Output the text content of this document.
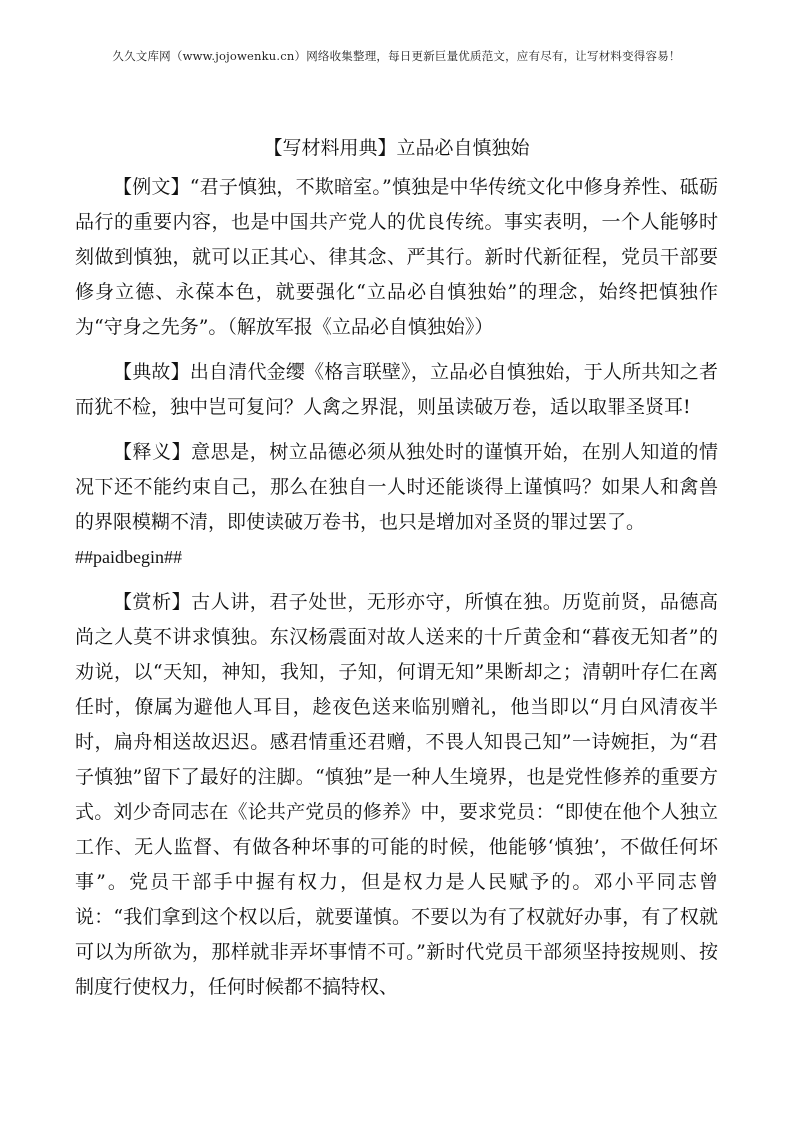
久久文库网（www.jojowenku.cn）网络收集整理，每日更新巨量优质范文，应有尽有，让写材料变得容易！
【写材料用典】立品必自慎独始

【例文】“君子慎独，不欺暗室。”慎独是中华传统文化中修身养性、砥砺品行的重要内容，也是中国共产党人的优良传统。事实表明，一个人能够时刻做到慎独，就可以正其心、律其念、严其行。新时代新征程，党员干部要修身立德、永葆本色，就要强化“立品必自慎独始”的理念，始终把慎独作为“守身之先务”。（解放军报《立品必自慎独始》）

【典故】出自清代金缨《格言联壁》，立品必自慎独始，于人所共知之者而犹不检，独中岂可复问？人禽之界混，则虽读破万卷，适以取罪圣贤耳!

【释义】意思是，树立品德必须从独处时的谨慎开始，在别人知道的情况下还不能约束自己，那么在独自一人时还能谈得上谨慎吗？如果人和禽兽的界限模糊不清，即使读破万卷书，也只是增加对圣贤的罪过罢了。
##paidbegin##

【赏析】古人讲，君子处世，无形亦守，所慎在独。历览前贤，品德高尚之人莫不讲求慎独。东汉杨震面对故人送来的十斤黄金和“暮夜无知者”的劝说，以“天知，神知，我知，子知，何谓无知”果断却之；清朝叶存仁在离任时，僚属为避他人耳目，趁夜色送来临别赠礼，他当即以“月白风清夜半时，扁舟相送故迟迟。感君情重还君赠，不畏人知畏己知”一诗婉拒，为“君子慎独”留下了最好的注脚。“慎独”是一种人生境界，也是党性修养的重要方式。刘少奇同志在《论共产党员的修养》中，要求党员：“即使在他个人独立工作、无人监督、有做各种坏事的可能的时候，他能够‘慎独’，不做任何坏事”。党员干部手中握有权力，但是权力是人民赋予的。邓小平同志曾说：“我们拿到这个权以后，就要谨慎。不要以为有了权就好办事，有了权就可以为所欲为，那样就非弄坏事情不可。”新时代党员干部须坚持按规则、按制度行使权力，任何时候都不搞特权、
